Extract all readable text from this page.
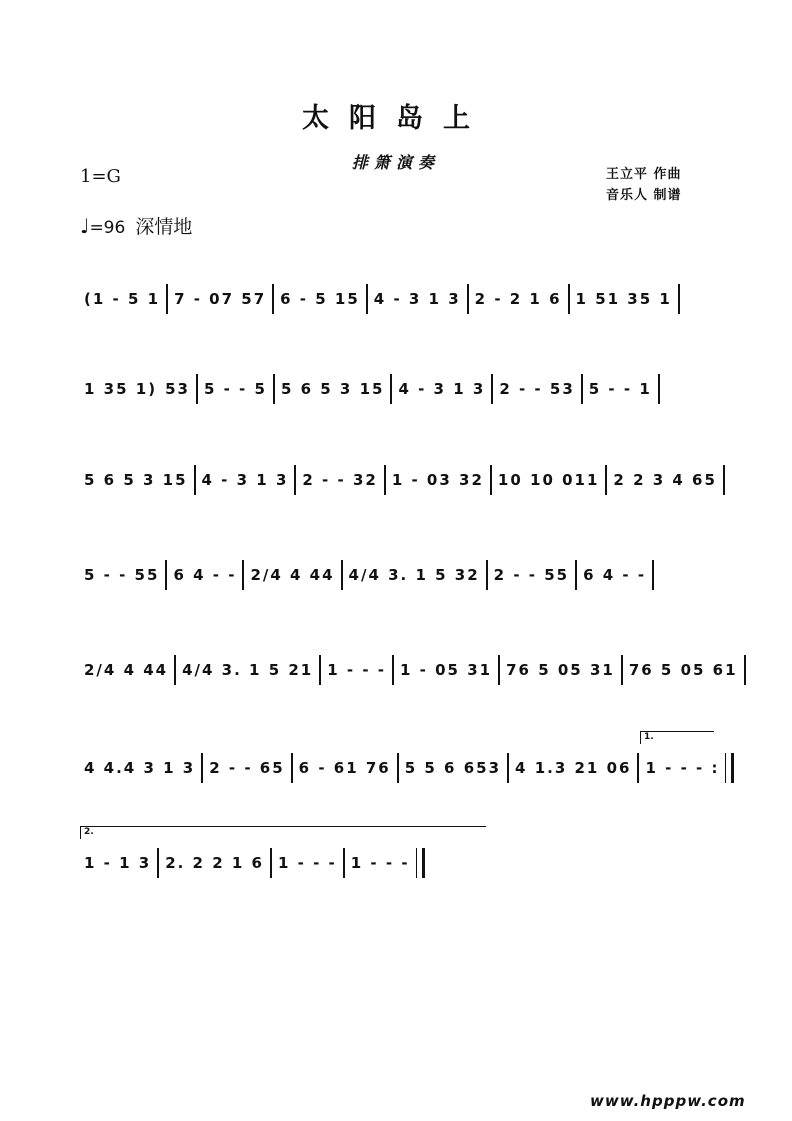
太阳岛上
排箫演奏
1=G	王立平 作曲
音乐人 制谱
♩=96 深情地
(1 - 5 1 7 - 07 57 6 - 5 15 4 - 3 1 3 2 - 2 1 6 1 51 35 1
1 35 1) 53 5 - - 5 5 6 5 3 15 4 - 3 1 3 2 - - 53 5 - - 1
5 6 5 3 15 4 - 3 1 3 2 - - 32 1 - 03 32 10 10 011 2 2 3 4 65
5 - - 55 6 4 - - 2/4 4 44 4/4 3. 1 5 32 2 - - 55 6 4 - -
2/4 4 44 4/4 3. 1 5 21 1 - - - 1 - 05 31 76 5 05 31 76 5 05 61
1.
4 4.4 3 1 3 2 - - 65 6 - 61 76 5 5 6 653 4 1.3 21 06 1 - - - :
2.
1 - 1 3 2. 2 2 1 6 1 - - - 1 - - -
www.hpppw.com
